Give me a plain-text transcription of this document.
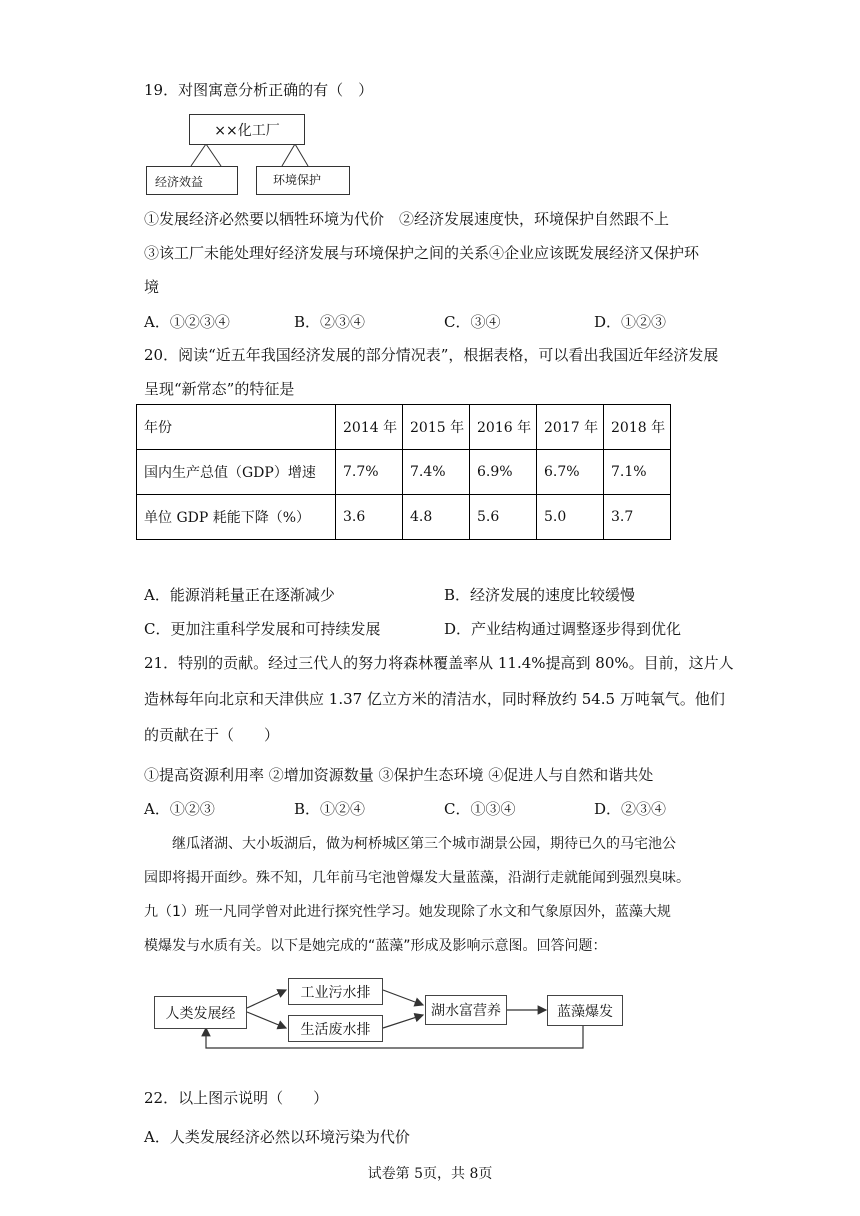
19．对图寓意分析正确的有（　）
××化工厂
经济效益	环境保护
①发展经济必然要以牺牲环境为代价　②经济发展速度快，环境保护自然跟不上
③该工厂未能处理好经济发展与环境保护之间的关系④企业应该既发展经济又保护环
境
A．①②③④	B．②③④	C．③④	D．①②③
20．阅读“近五年我国经济发展的部分情况表”，根据表格，可以看出我国近年经济发展
呈现“新常态”的特征是
年份	2014 年	2015 年	2016 年	2017 年	2018 年
国内生产总值（GDP）增速	7.7%	7.4%	6.9%	6.7%	7.1%
单位 GDP 耗能下降（%）	3.6	4.8	5.6	5.0	3.7
A．能源消耗量正在逐渐减少	B．经济发展的速度比较缓慢
C．更加注重科学发展和可持续发展	D．产业结构通过调整逐步得到优化
21．特别的贡献。经过三代人的努力将森林覆盖率从 11.4%提高到 80%。目前，这片人
造林每年向北京和天津供应 1.37 亿立方米的清洁水，同时释放约 54.5 万吨氧气。他们
的贡献在于（　　）
①提高资源利用率 ②增加资源数量 ③保护生态环境 ④促进人与自然和谐共处
A．①②③	B．①②④	C．①③④	D．②③④
继瓜渚湖、大小坂湖后，做为柯桥城区第三个城市湖景公园，期待已久的马宅池公
园即将揭开面纱。殊不知，几年前马宅池曾爆发大量蓝藻，沿湖行走就能闻到强烈臭味。
九（1）班一凡同学曾对此进行探究性学习。她发现除了水文和气象原因外，蓝藻大规
模爆发与水质有关。以下是她完成的“蓝藻”形成及影响示意图。回答问题：
人类发展经
工业污水排
生活废水排
湖水富营养	蓝藻爆发
22．以上图示说明（　　）
A．人类发展经济必然以环境污染为代价
试卷第 5页，共 8页
